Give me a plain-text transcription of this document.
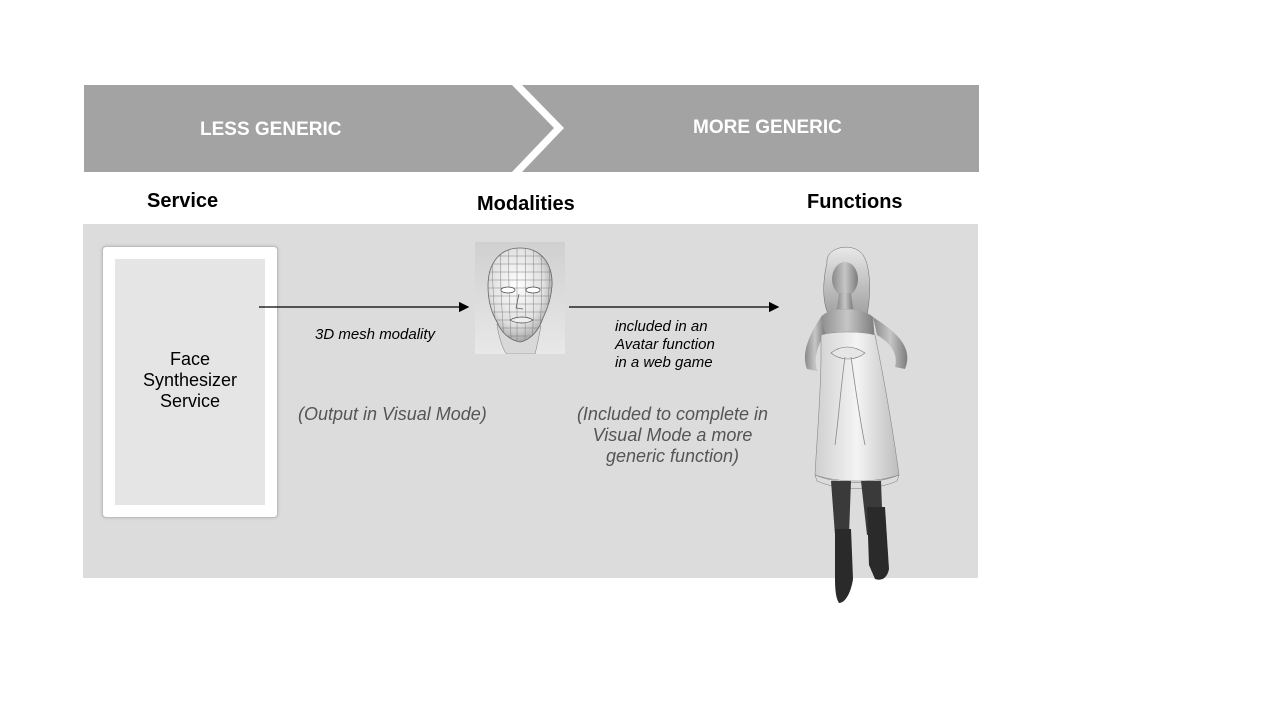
LESS GENERIC	MORE GENERIC
Service	Modalities	Functions
Face
Synthesizer
Service
3D mesh modality	included in an
Avatar function
in a web game
(Output in Visual Mode)	(Included to complete in
Visual Mode a more
generic function)
